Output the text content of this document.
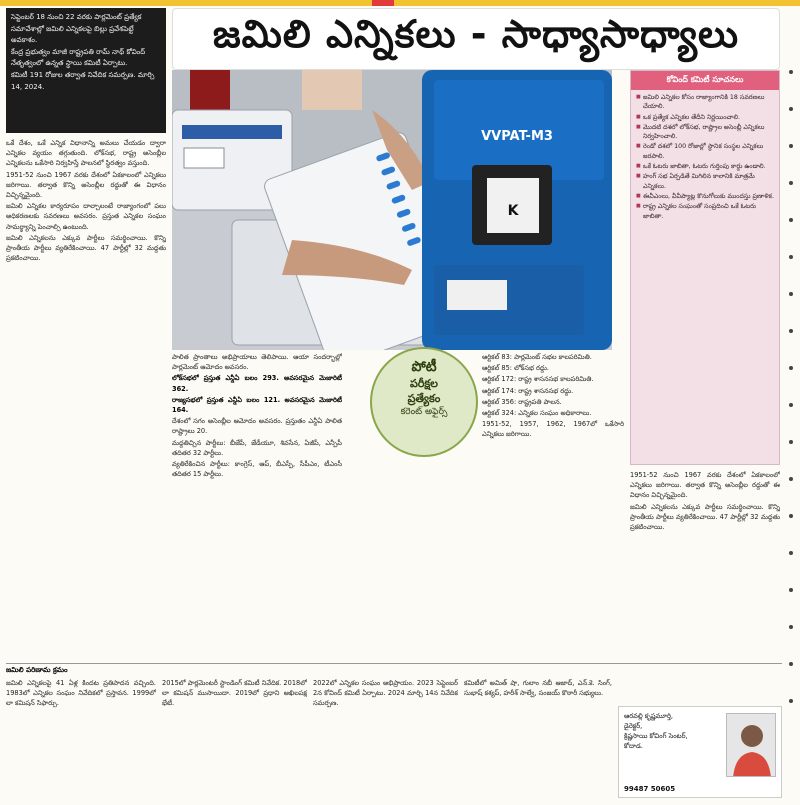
సెప్టెంబర్ 18 నుంచి 22 వరకు పార్లమెంట్ ప్రత్యేక సమావేశాల్లో జమిలి ఎన్నికలపై బిల్లు ప్రవేశపెట్టే అవకాశం.

కేంద్ర ప్రభుత్వం మాజీ రాష్ట్రపతి రామ్ నాథ్ కోవింద్ నేతృత్వంలో ఉన్నత స్థాయి కమిటీ ఏర్పాటు.

కమిటీ 191 రోజుల తర్వాత నివేదిక సమర్పణ. మార్చి 14, 2024.

జమిలి ఎన్నికలు - సాధ్యాసాధ్యాలు
VVPAT-M3
K

ఒకే దేశం, ఒకే ఎన్నిక విధానాన్ని అమలు చేయడం ద్వారా ఎన్నికల వ్యయం తగ్గుతుంది. లోక్‌సభ, రాష్ట్ర అసెంబ్లీల ఎన్నికలను ఒకేసారి నిర్వహిస్తే పాలనలో స్థిరత్వం వస్తుంది.

1951-52 నుంచి 1967 వరకు దేశంలో ఏకకాలంలో ఎన్నికలు జరిగాయి. తర్వాత కొన్ని అసెంబ్లీల రద్దుతో ఈ విధానం విచ్ఛిన్నమైంది.

జమిలి ఎన్నికల కార్యరూపం దాల్చాలంటే రాజ్యాంగంలో పలు అధికరణలకు సవరణలు అవసరం. ప్రస్తుత ఎన్నికల సంఘం సామర్థ్యాన్ని పెంచాల్సి ఉంటుంది.

జమిలి ఎన్నికలను ఎక్కువ పార్టీలు సమర్థించాయి. కొన్ని ప్రాంతీయ పార్టీలు వ్యతిరేకించాయి. 47 పార్టీల్లో 32 మద్దతు ప్రకటించాయి.

పాలిత ప్రాంతాలు అభిప్రాయాలు తెలిపాయి. ఆయా సందర్భాల్లో పార్లమెంట్ ఆమోదం అవసరం.

లోక్‌సభలో ప్రస్తుత ఎన్డీఏ బలం 293. అవసరమైన మెజారిటీ 362.

రాజ్యసభలో ప్రస్తుత ఎన్డీఏ బలం 121. అవసరమైన మెజారిటీ 164.

దేశంలో సగం అసెంబ్లీల ఆమోదం అవసరం. ప్రస్తుతం ఎన్డీఏ పాలిత రాష్ట్రాలు 20.

మద్దతిచ్చిన పార్టీలు: బీజేపీ, జేడీయూ, శివసేన, ఏజీపీ, ఎన్పీపీ తదితర 32 పార్టీలు.

వ్యతిరేకించిన పార్టీలు: కాంగ్రెస్, ఆప్, బీఎస్పీ, సీపీఎం, టీఎంసీ తదితర 15 పార్టీలు.

పోటీ
పరీక్షల
ప్రత్యేకం
కరెంట్ అఫైర్స్

ఆర్టికల్ 83: పార్లమెంట్ సభల కాలపరిమితి.

ఆర్టికల్ 85: లోక్‌సభ రద్దు.

ఆర్టికల్ 172: రాష్ట్ర శాసనసభ కాలపరిమితి.

ఆర్టికల్ 174: రాష్ట్ర శాసనసభ రద్దు.

ఆర్టికల్ 356: రాష్ట్రపతి పాలన.

ఆర్టికల్ 324: ఎన్నికల సంఘం అధికారాలు.

1951-52, 1957, 1962, 1967లో ఒకేసారి ఎన్నికలు జరిగాయి.

కోవింద్ కమిటీ సూచనలు
■ జమిలి ఎన్నికల కోసం రాజ్యాంగానికి 18 సవరణలు చేయాలి.
■ ఒక ప్రత్యేక ఎన్నికల తేదీని నిర్ణయించాలి.
■ మొదటి దశలో లోక్‌సభ, రాష్ట్రాల అసెంబ్లీ ఎన్నికలు నిర్వహించాలి.
■ రెండో దశలో 100 రోజుల్లో స్థానిక సంస్థల ఎన్నికలు జరపాలి.
■ ఒకే ఓటరు జాబితా, ఓటరు గుర్తింపు కార్డు ఉండాలి.
■ హంగ్ సభ ఏర్పడితే మిగిలిన కాలానికి మాత్రమే ఎన్నికలు.
■ ఈవీఎంలు, వీవీప్యాట్ల కొనుగోలుకు ముందస్తు ప్రణాళిక.
■ రాష్ట్ర ఎన్నికల సంఘంతో సంప్రదించి ఒకే ఓటరు జాబితా.

1951-52 నుంచి 1967 వరకు దేశంలో ఏకకాలంలో ఎన్నికలు జరిగాయి. తర్వాత కొన్ని అసెంబ్లీల రద్దుతో ఈ విధానం విచ్ఛిన్నమైంది.

జమిలి ఎన్నికలను ఎక్కువ పార్టీలు సమర్థించాయి. కొన్ని ప్రాంతీయ పార్టీలు వ్యతిరేకించాయి. 47 పార్టీల్లో 32 మద్దతు ప్రకటించాయి.

జమిలి పరిణామ క్రమం

జమిలి ఎన్నికలపై 41 ఏళ్ల కిందట ప్రతిపాదన వచ్చింది. 1983లో ఎన్నికల సంఘం నివేదికలో ప్రస్తావన. 1999లో లా కమిషన్ సిఫార్సు.

2015లో పార్లమెంటరీ స్టాండింగ్ కమిటీ నివేదిక. 2018లో లా కమిషన్ ముసాయిదా. 2019లో ప్రధాని అఖిలపక్ష భేటీ.

2022లో ఎన్నికల సంఘం అభిప్రాయం. 2023 సెప్టెంబర్ 2న కోవింద్ కమిటీ ఏర్పాటు. 2024 మార్చి 14న నివేదిక సమర్పణ.

కమిటీలో అమిత్ షా, గులాం నబీ ఆజాద్, ఎన్.కె. సింగ్, సుభాష్ కశ్యప్, హరీశ్ సాల్వే, సంజయ్ కొఠారీ సభ్యులు.

ఆరవల్లి కృష్ణమూర్తి,
డైరెక్టర్,
క్రిష్ణసాయి కోచింగ్ సెంటర్,
కోదాడ.
99487 50605
